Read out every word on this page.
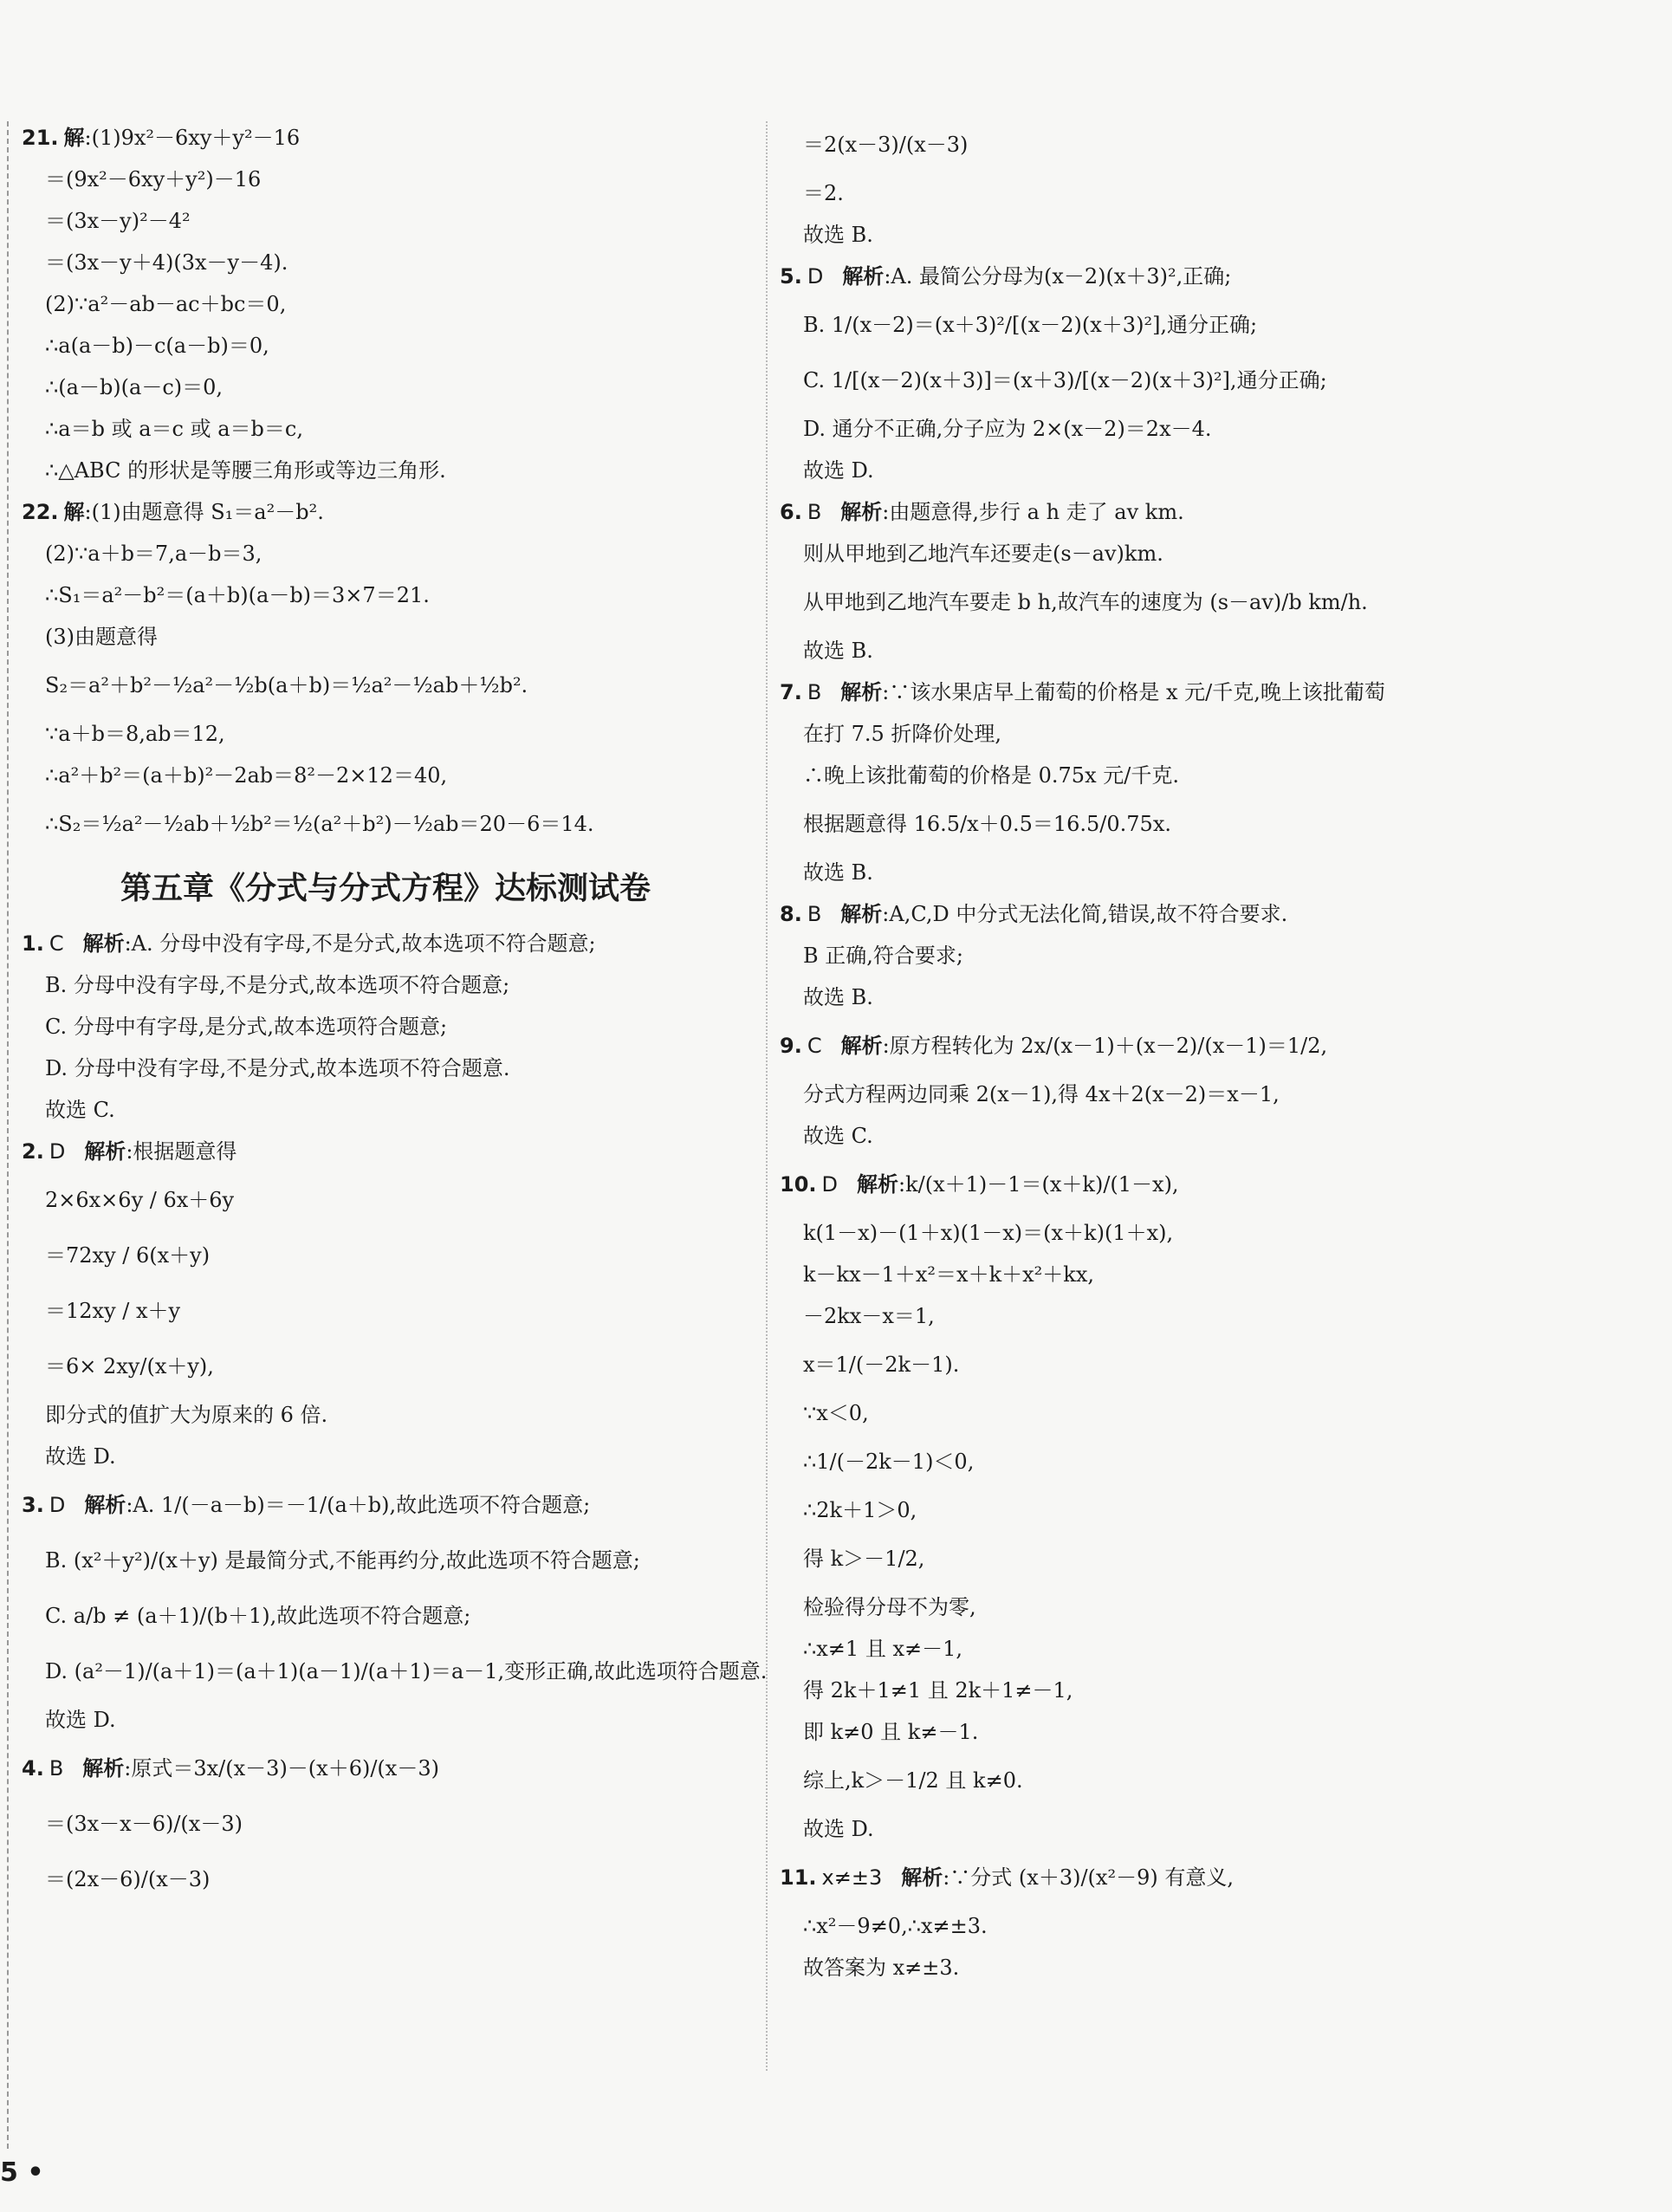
21. 解 :(1)9x²－6xy＋y²－16
＝(9x²－6xy＋y²)－16
＝(3x－y)²－4²
＝(3x－y＋4)(3x－y－4).
(2)∵a²－ab－ac＋bc＝0,
∴a(a－b)－c(a－b)＝0,
∴(a－b)(a－c)＝0,
∴a＝b 或 a＝c 或 a＝b＝c,
∴△ABC 的形状是等腰三角形或等边三角形.
22. 解 :(1)由题意得 S₁＝a²－b².
(2)∵a＋b＝7,a－b＝3,
∴S₁＝a²－b²＝(a＋b)(a－b)＝3×7＝21.
(3)由题意得
S₂＝a²＋b²－½a²－½b(a＋b)＝½a²－½ab＋½b².
∵a＋b＝8,ab＝12,
∴a²＋b²＝(a＋b)²－2ab＝8²－2×12＝40,
∴S₂＝½a²－½ab＋½b²＝½(a²＋b²)－½ab＝20－6＝14.
第五章《分式与分式方程》达标测试卷
1. C 解析 :A. 分母中没有字母,不是分式,故本选项不符合题意;
B. 分母中没有字母,不是分式,故本选项不符合题意;
C. 分母中有字母,是分式,故本选项符合题意;
D. 分母中没有字母,不是分式,故本选项不符合题意.
故选 C.
2. D 解析 :根据题意得
2×6x×6y / 6x＋6y
＝72xy / 6(x＋y)
＝12xy / x＋y
＝6× 2xy/(x＋y),
即分式的值扩大为原来的 6 倍.
故选 D.
3. D 解析 :A. 1/(－a－b)＝－1/(a＋b),故此选项不符合题意;
B. (x²＋y²)/(x＋y) 是最简分式,不能再约分,故此选项不符合题意;
C. a/b ≠ (a＋1)/(b＋1),故此选项不符合题意;
D. (a²－1)/(a＋1)＝(a＋1)(a－1)/(a＋1)＝a－1,变形正确,故此选项符合题意.
故选 D.
4. B 解析 :原式＝3x/(x－3)－(x＋6)/(x－3)
＝(3x－x－6)/(x－3)
＝(2x－6)/(x－3)
5 •
＝2(x－3)/(x－3)
＝2.
故选 B.
5. D 解析 :A. 最简公分母为(x－2)(x＋3)²,正确;
B. 1/(x－2)＝(x＋3)²/[(x－2)(x＋3)²],通分正确;
C. 1/[(x－2)(x＋3)]＝(x＋3)/[(x－2)(x＋3)²],通分正确;
D. 通分不正确,分子应为 2×(x－2)＝2x－4.
故选 D.
6. B 解析 :由题意得,步行 a h 走了 av km.
则从甲地到乙地汽车还要走(s－av)km.
从甲地到乙地汽车要走 b h,故汽车的速度为 (s－av)/b km/h.
故选 B.
7. B 解析 :∵该水果店早上葡萄的价格是 x 元/千克,晚上该批葡萄
在打 7.5 折降价处理,
∴晚上该批葡萄的价格是 0.75x 元/千克.
根据题意得 16.5/x＋0.5＝16.5/0.75x.
故选 B.
8. B 解析 :A,C,D 中分式无法化简,错误,故不符合要求.
B 正确,符合要求;
故选 B.
9. C 解析 :原方程转化为 2x/(x－1)＋(x－2)/(x－1)＝1/2,
分式方程两边同乘 2(x－1),得 4x＋2(x－2)＝x－1,
故选 C.
10. D 解析 :k/(x＋1)－1＝(x＋k)/(1－x),
k(1－x)－(1＋x)(1－x)＝(x＋k)(1＋x),
k－kx－1＋x²＝x＋k＋x²＋kx,
－2kx－x＝1,
x＝1/(－2k－1).
∵x＜0,
∴1/(－2k－1)＜0,
∴2k＋1＞0,
得 k＞－1/2,
检验得分母不为零,
∴x≠1 且 x≠－1,
得 2k＋1≠1 且 2k＋1≠－1,
即 k≠0 且 k≠－1.
综上,k＞－1/2 且 k≠0.
故选 D.
11. x≠±3 解析 :∵分式 (x＋3)/(x²－9) 有意义,
∴x²－9≠0,∴x≠±3.
故答案为 x≠±3.
